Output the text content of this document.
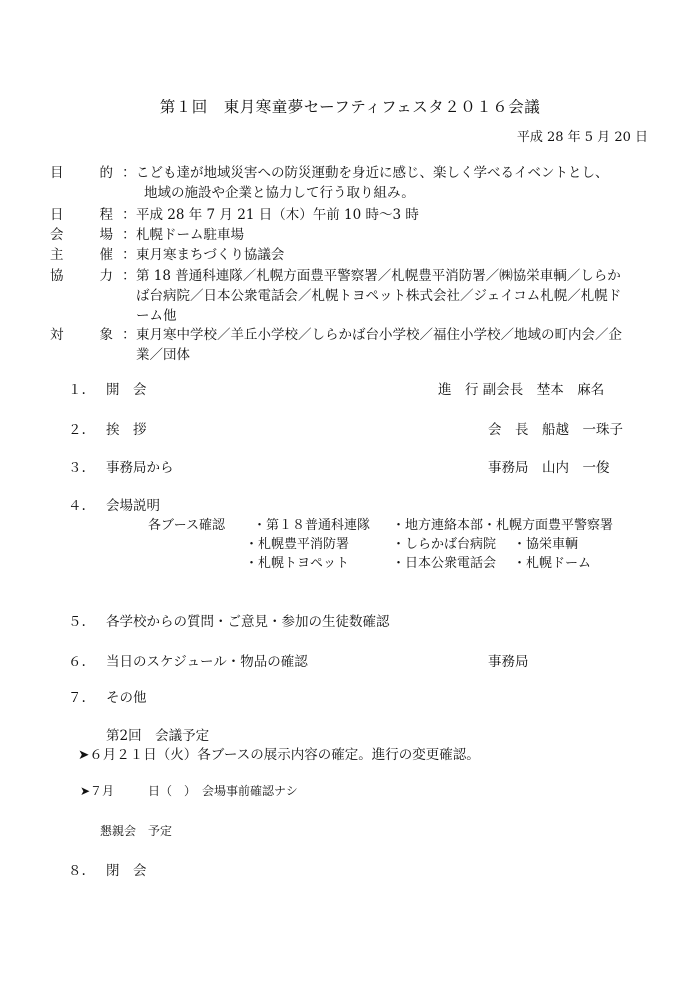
第１回　東月寒童夢セーフティフェスタ２０１６会議
平成 28 年 5 月 20 日
目	的 ： こども達が地域災害への防災運動を身近に感じ、楽しく学べるイベントとし、
地域の施設や企業と協力して行う取り組み。
日	程 ： 平成 28 年 7 月 21 日（木）午前 10 時〜3 時
会	場 ： 札幌ドーム駐車場
主	催 ： 東月寒まちづくり協議会
協	力 ： 第 18 普通科連隊／札幌方面豊平警察署／札幌豊平消防署／㈱協栄車輌／しらか
ば台病院／日本公衆電話会／札幌トヨペット株式会社／ジェイコム札幌／札幌ド
ーム他
対	象 ： 東月寒中学校／羊丘小学校／しらかば台小学校／福住小学校／地域の町内会／企
業／団体
１. 開　会	進　行 副会長　埜本　麻名
２. 挨　拶	会　長　船越　一珠子
３. 事務局から	事務局　山内　一俊
４. 会場説明
各ブース確認 ・第１８普通科連隊 ・地方連絡本部・札幌方面豊平警察署
・札幌豊平消防署	・しらかば台病院 ・協栄車輌
・札幌トヨペット	・日本公衆電話会 ・札幌ドーム
５. 各学校からの質問・ご意見・参加の生徒数確認
６. 当日のスケジュール・物品の確認	事務局
７. その他
第2回　会議予定
➤６月２１日（火）各ブースの展示内容の確定。進行の変更確認。
➤７月	日（　）　会場事前確認ナシ
懇親会　予定
８. 閉　会
